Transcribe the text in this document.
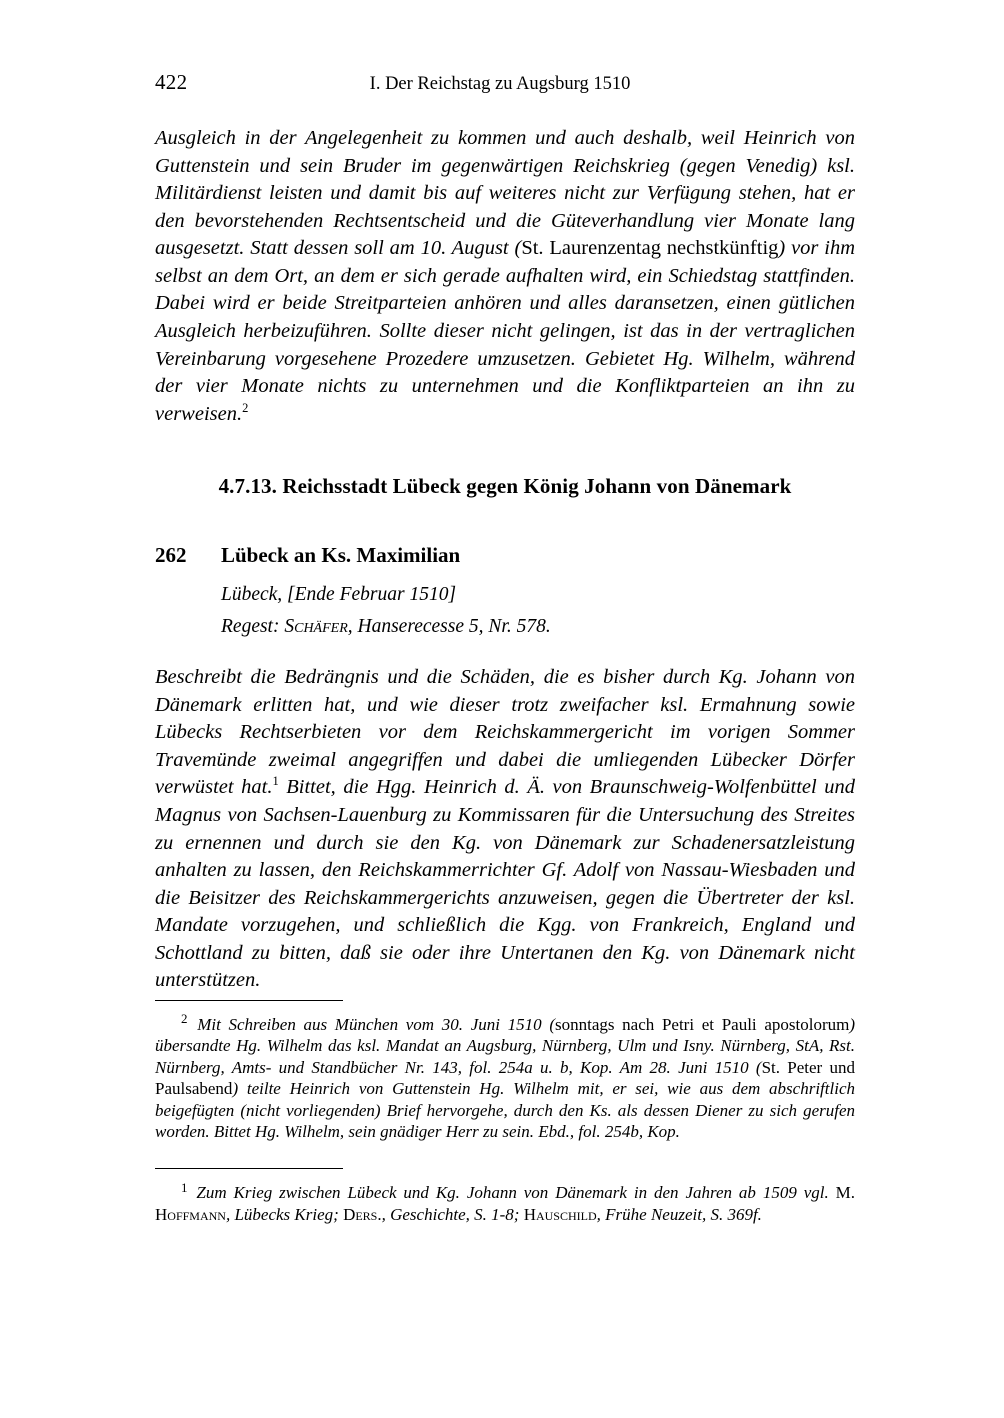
422	I. Der Reichstag zu Augsburg 1510
Ausgleich in der Angelegenheit zu kommen und auch deshalb, weil Heinrich von Guttenstein und sein Bruder im gegenwärtigen Reichskrieg (gegen Venedig) ksl. Militärdienst leisten und damit bis auf weiteres nicht zur Verfügung stehen, hat er den bevorstehenden Rechtsentscheid und die Güteverhandlung vier Monate lang ausgesetzt. Statt dessen soll am 10. August (St. Laurenzentag nechstkünftig) vor ihm selbst an dem Ort, an dem er sich gerade aufhalten wird, ein Schiedstag stattfinden. Dabei wird er beide Streitparteien anhören und alles daransetzen, einen gütlichen Ausgleich herbeizuführen. Sollte dieser nicht gelingen, ist das in der vertraglichen Vereinbarung vorgesehene Prozedere umzusetzen. Gebietet Hg. Wilhelm, während der vier Monate nichts zu unternehmen und die Konfliktparteien an ihn zu verweisen.$^2$
4.7.13. Reichsstadt Lübeck gegen König Johann von Dänemark
262	Lübeck an Ks. Maximilian
Lübeck, [Ende Februar 1510]
Regest: Schäfer, Hanserecesse 5, Nr. 578.
Beschreibt die Bedrängnis und die Schäden, die es bisher durch Kg. Johann von Dänemark erlitten hat, und wie dieser trotz zweifacher ksl. Ermahnung sowie Lübecks Rechtserbieten vor dem Reichskammergericht im vorigen Sommer Travemünde zweimal angegriffen und dabei die umliegenden Lübecker Dörfer verwüstet hat.$^1$ Bittet, die Hgg. Heinrich d. Ä. von Braunschweig-Wolfenbüttel und Magnus von Sachsen-Lauenburg zu Kommissaren für die Untersuchung des Streites zu ernennen und durch sie den Kg. von Dänemark zur Schadenersatzleistung anhalten zu lassen, den Reichskammerrichter Gf. Adolf von Nassau-Wiesbaden und die Beisitzer des Reichskammergerichts anzuweisen, gegen die Übertreter der ksl. Mandate vorzugehen, und schließlich die Kgg. von Frankreich, England und Schottland zu bitten, daß sie oder ihre Untertanen den Kg. von Dänemark nicht unterstützen.
$^2$ Mit Schreiben aus München vom 30. Juni 1510 (sonntags nach Petri et Pauli apostolorum) übersandte Hg. Wilhelm das ksl. Mandat an Augsburg, Nürnberg, Ulm und Isny. Nürnberg, StA, Rst. Nürnberg, Amts- und Standbücher Nr. 143, fol. 254a u. b, Kop. Am 28. Juni 1510 (St. Peter und Paulsabend) teilte Heinrich von Guttenstein Hg. Wilhelm mit, er sei, wie aus dem abschriftlich beigefügten (nicht vorliegenden) Brief hervorgehe, durch den Ks. als dessen Diener zu sich gerufen worden. Bittet Hg. Wilhelm, sein gnädiger Herr zu sein. Ebd., fol. 254b, Kop.
$^1$ Zum Krieg zwischen Lübeck und Kg. Johann von Dänemark in den Jahren ab 1509 vgl. M. Hoffmann, Lübecks Krieg; Ders., Geschichte, S. 1-8; Hauschild, Frühe Neuzeit, S. 369f.
